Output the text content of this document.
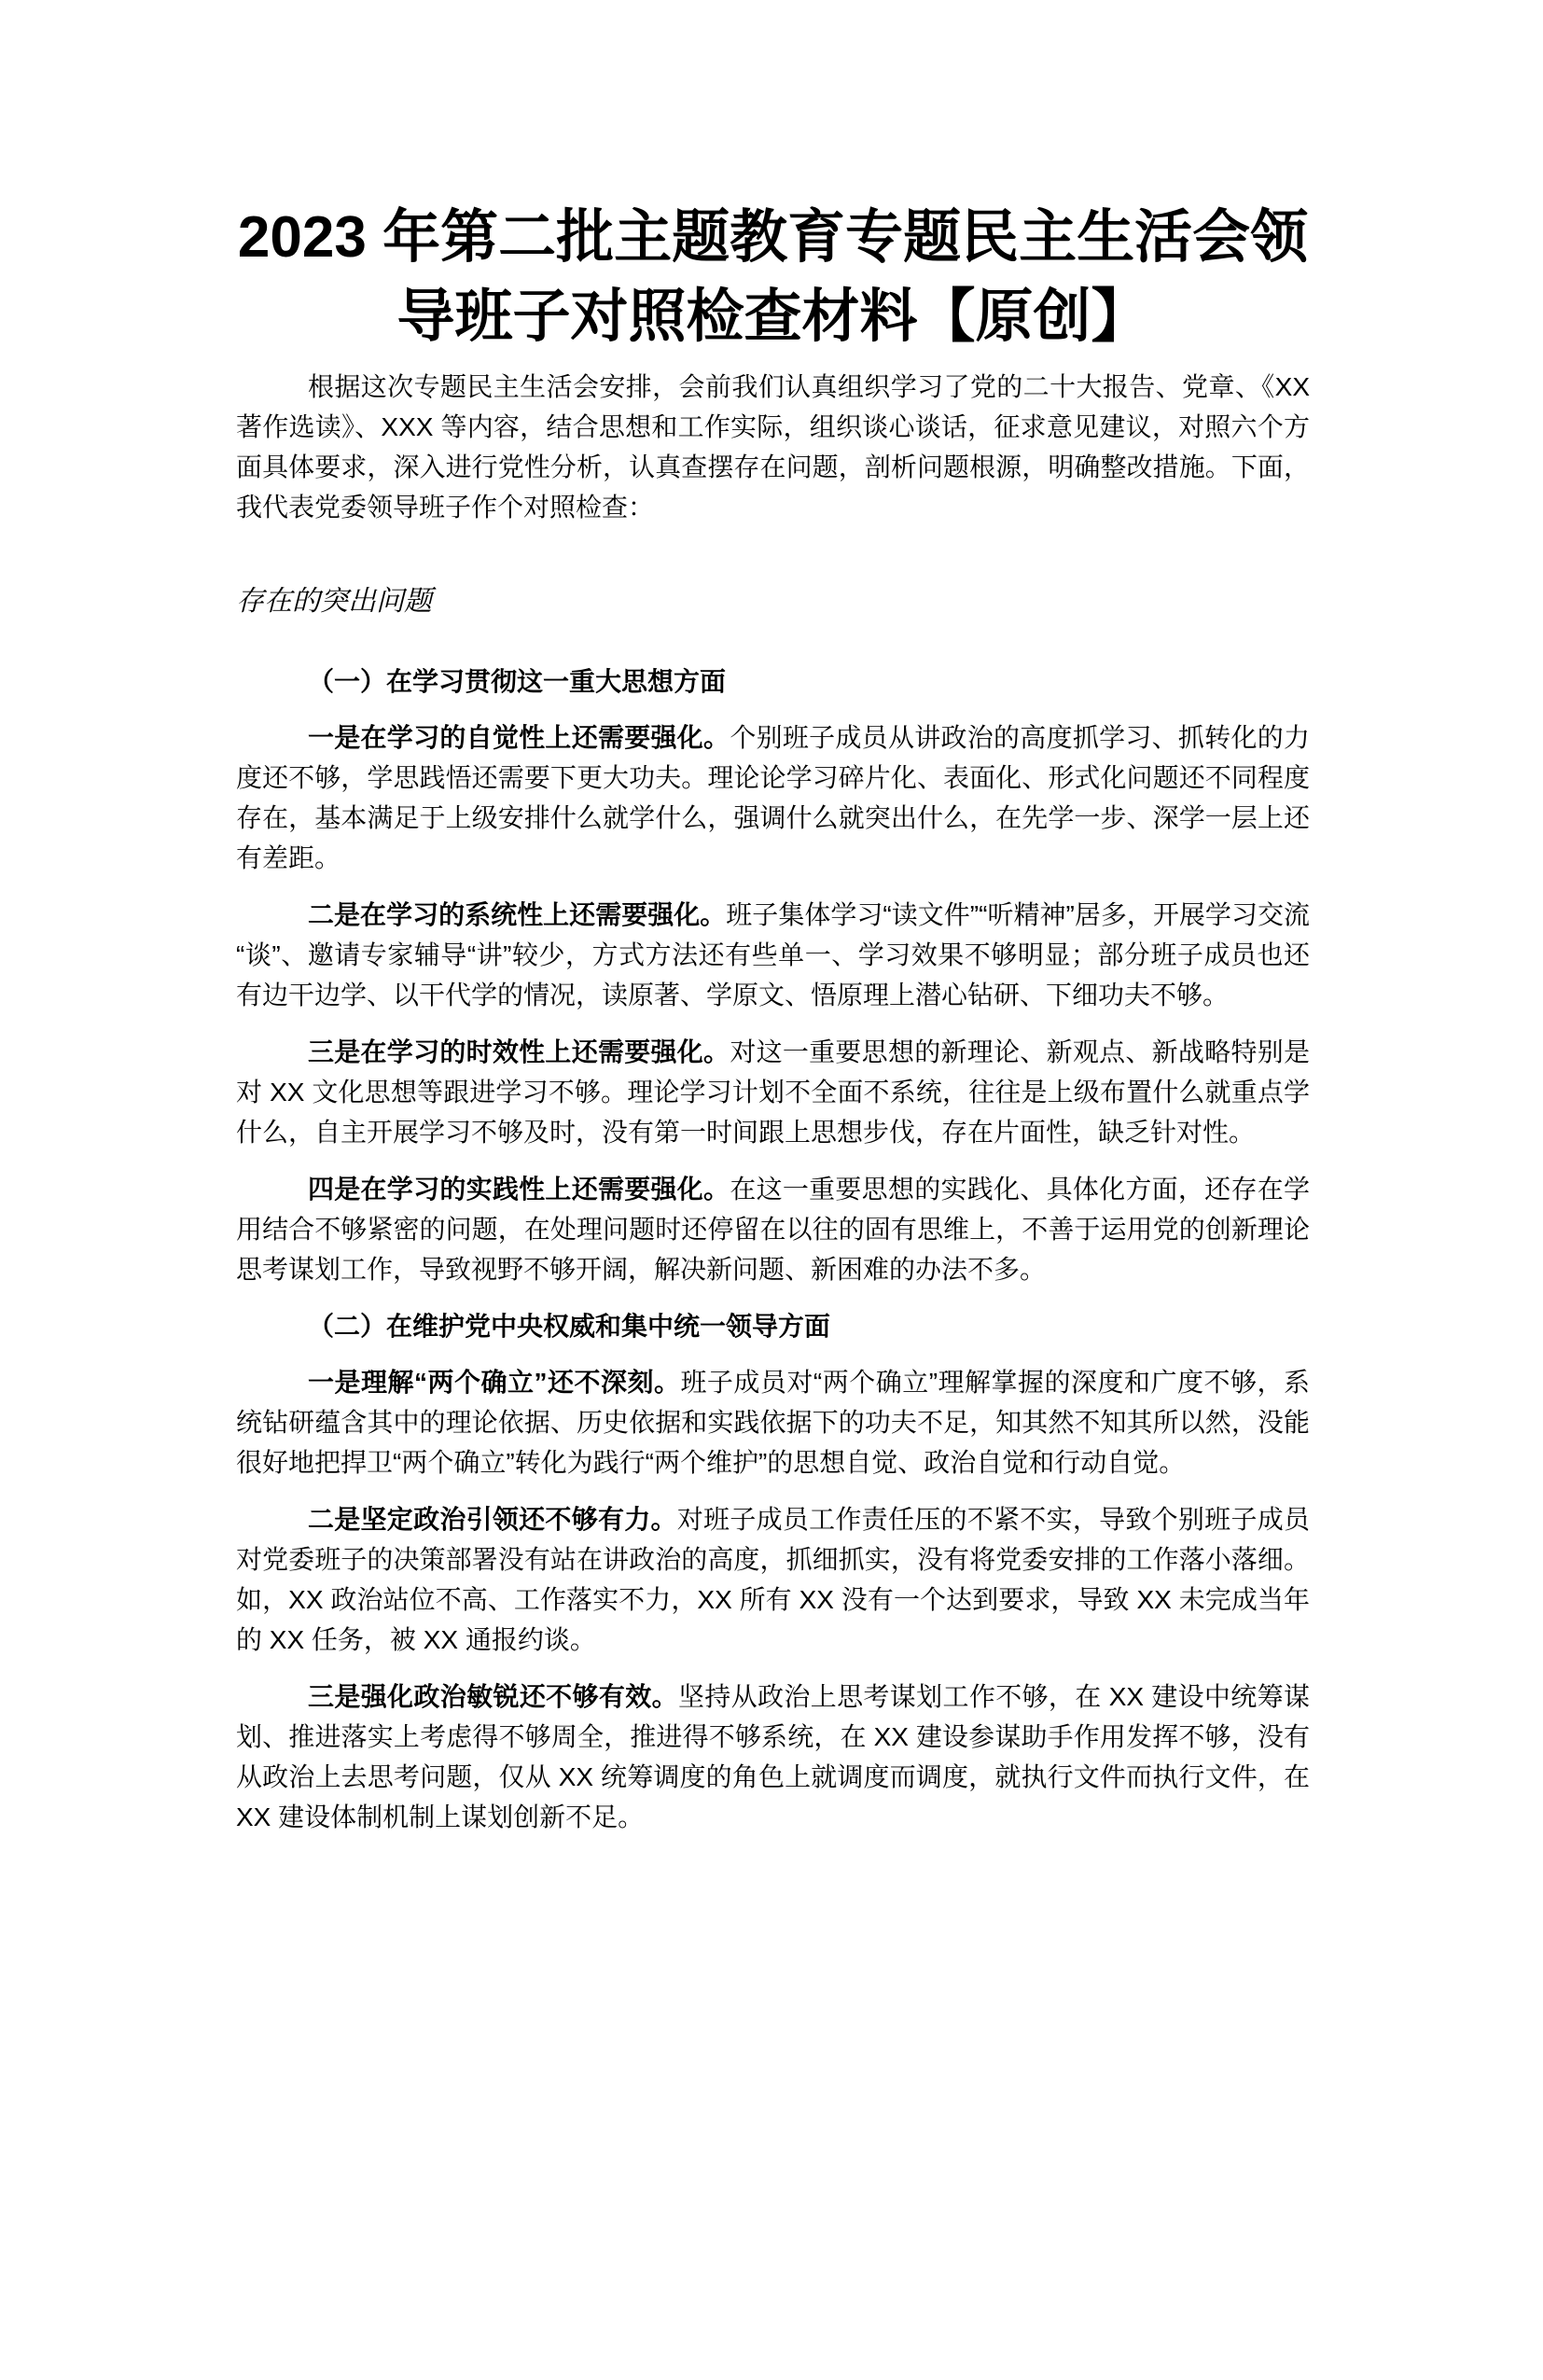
2023 年第二批主题教育专题民主生活会领
导班子对照检查材料【原创】

根据这次专题民主生活会安排，会前我们认真组织学习了党的二十大报告、党章、《XX 著作选读》、XXX 等内容，结合思想和工作实际，组织谈心谈话，征求意见建议，对照六个方面具体要求，深入进行党性分析，认真查摆存在问题，剖析问题根源，明确整改措施。下面，我代表党委领导班子作个对照检查：

存在的突出问题
（一）在学习贯彻这一重大思想方面

一是在学习的自觉性上还需要强化。个别班子成员从讲政治的高度抓学习、抓转化的力度还不够，学思践悟还需要下更大功夫。理论论学习碎片化、表面化、形式化问题还不同程度存在，基本满足于上级安排什么就学什么，强调什么就突出什么，在先学一步、深学一层上还有差距。

二是在学习的系统性上还需要强化。班子集体学习“读文件”“听精神”居多，开展学习交流“谈”、邀请专家辅导“讲”较少，方式方法还有些单一、学习效果不够明显；部分班子成员也还有边干边学、以干代学的情况，读原著、学原文、悟原理上潜心钻研、下细功夫不够。

三是在学习的时效性上还需要强化。对这一重要思想的新理论、新观点、新战略特别是对 XX 文化思想等跟进学习不够。理论学习计划不全面不系统，往往是上级布置什么就重点学什么，自主开展学习不够及时，没有第一时间跟上思想步伐，存在片面性，缺乏针对性。

四是在学习的实践性上还需要强化。在这一重要思想的实践化、具体化方面，还存在学用结合不够紧密的问题，在处理问题时还停留在以往的固有思维上，不善于运用党的创新理论思考谋划工作，导致视野不够开阔，解决新问题、新困难的办法不多。

（二）在维护党中央权威和集中统一领导方面

一是理解“两个确立”还不深刻。班子成员对“两个确立”理解掌握的深度和广度不够，系统钻研蕴含其中的理论依据、历史依据和实践依据下的功夫不足，知其然不知其所以然，没能很好地把捍卫“两个确立”转化为践行“两个维护”的思想自觉、政治自觉和行动自觉。

二是坚定政治引领还不够有力。对班子成员工作责任压的不紧不实，导致个别班子成员对党委班子的决策部署没有站在讲政治的高度，抓细抓实，没有将党委安排的工作落小落细。如，XX 政治站位不高、工作落实不力，XX 所有 XX 没有一个达到要求，导致 XX 未完成当年的 XX 任务，被 XX 通报约谈。

三是强化政治敏锐还不够有效。坚持从政治上思考谋划工作不够，在 XX 建设中统筹谋划、推进落实上考虑得不够周全，推进得不够系统，在 XX 建设参谋助手作用发挥不够，没有从政治上去思考问题，仅从 XX 统筹调度的角色上就调度而调度，就执行文件而执行文件，在 XX 建设体制机制上谋划创新不足。
